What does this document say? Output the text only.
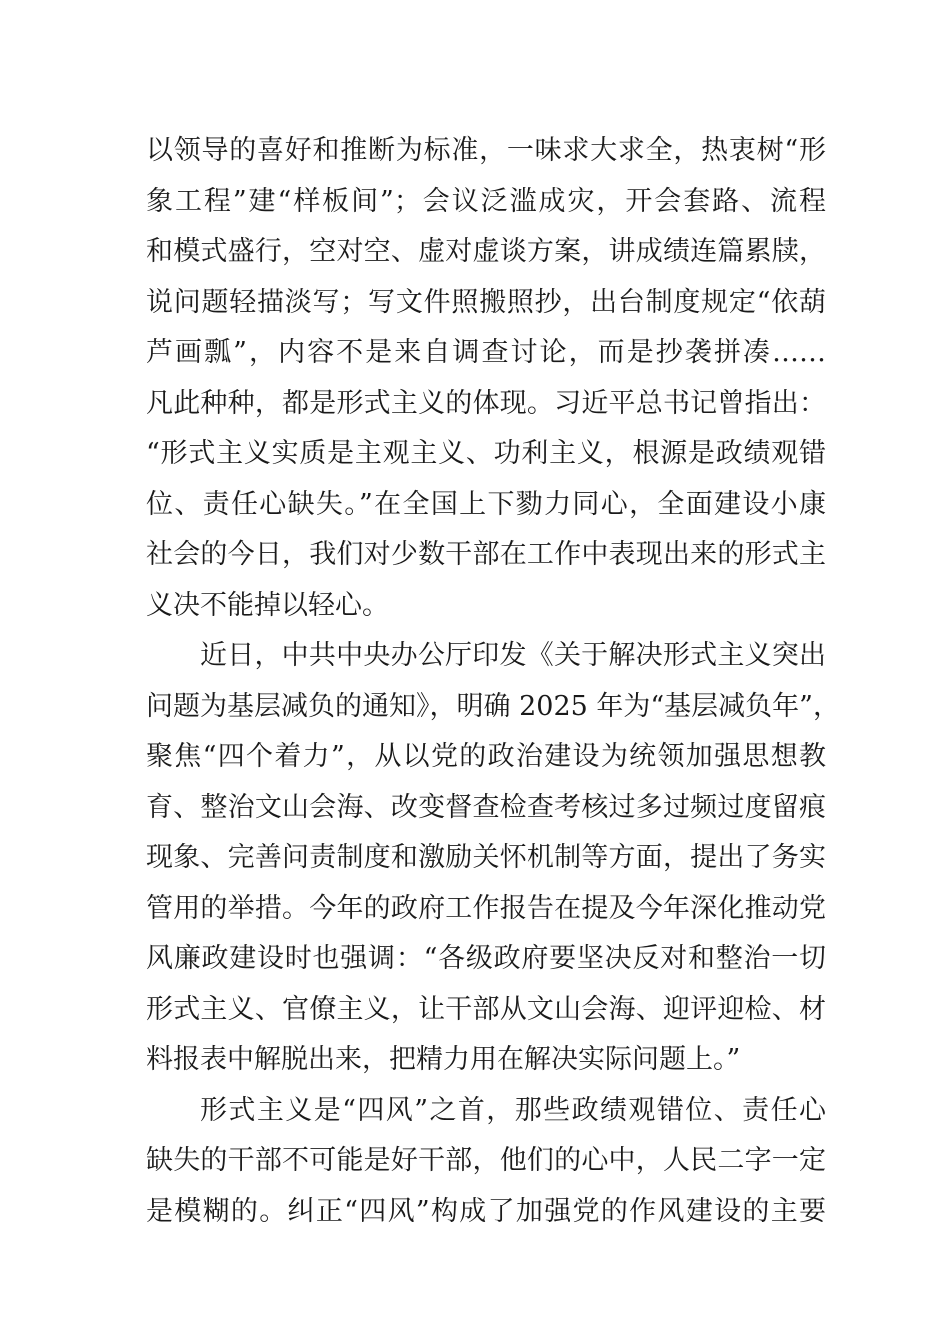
以领导的喜好和推断为标准，一味求大求全，热衷树“形
象工程”建“样板间”；会议泛滥成灾，开会套路、流程
和模式盛行，空对空、虚对虚谈方案，讲成绩连篇累牍，
说问题轻描淡写；写文件照搬照抄，出台制度规定“依葫
芦画瓢”，内容不是来自调查讨论，而是抄袭拼凑……
凡此种种，都是形式主义的体现。习近平总书记曾指出：
“形式主义实质是主观主义、功利主义，根源是政绩观错
位、责任心缺失。”在全国上下勠力同心，全面建设小康
社会的今日，我们对少数干部在工作中表现出来的形式主
义决不能掉以轻心。
近日，中共中央办公厅印发《关于解决形式主义突出
问题为基层减负的通知》，明确 2025 年为“基层减负年”，
聚焦“四个着力”，从以党的政治建设为统领加强思想教
育、整治文山会海、改变督查检查考核过多过频过度留痕
现象、完善问责制度和激励关怀机制等方面，提出了务实
管用的举措。今年的政府工作报告在提及今年深化推动党
风廉政建设时也强调：“各级政府要坚决反对和整治一切
形式主义、官僚主义，让干部从文山会海、迎评迎检、材
料报表中解脱出来，把精力用在解决实际问题上。”
形式主义是“四风”之首，那些政绩观错位、责任心
缺失的干部不可能是好干部，他们的心中，人民二字一定
是模糊的。纠正“四风”构成了加强党的作风建设的主要
